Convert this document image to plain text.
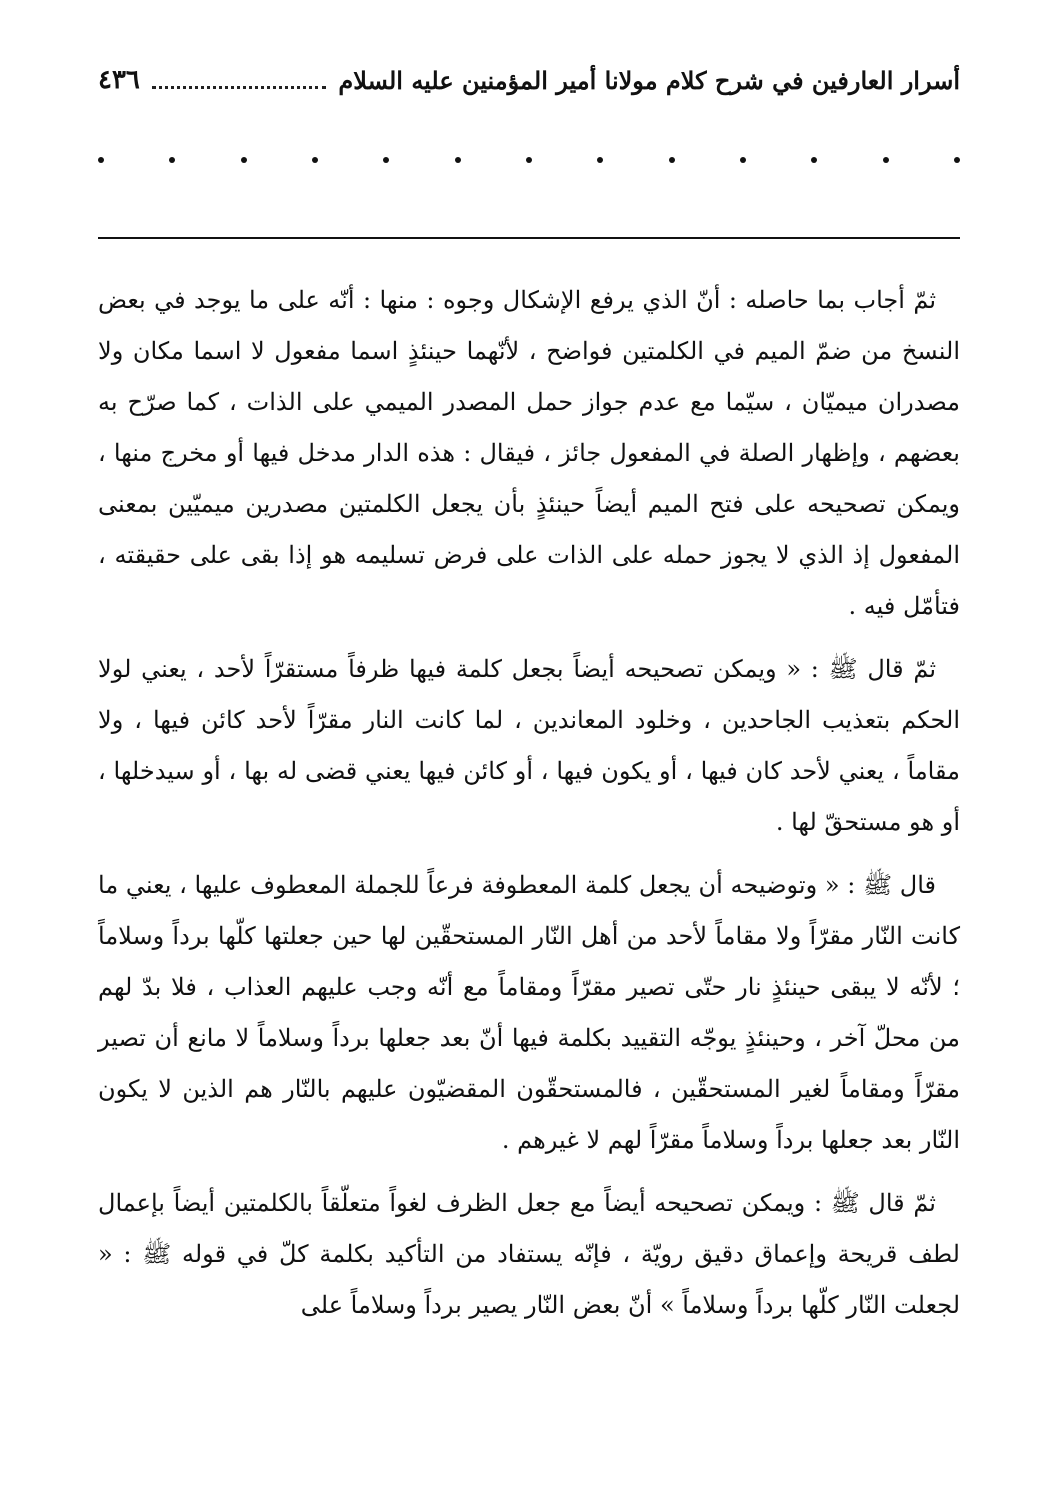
٤٣٦	أسرار العارفين في شرح كلام مولانا أمير المؤمنين عليه السلام

ثمّ أجاب بما حاصله : أنّ الذي يرفع الإشكال وجوه : منها : أنّه على ما يوجد في بعض النسخ من ضمّ الميم في الكلمتين فواضح ، لأنّهما حينئذٍ اسما مفعول لا اسما مكان ولا مصدران ميميّان ، سيّما مع عدم جواز حمل المصدر الميمي على الذات ، كما صرّح به بعضهم ، وإظهار الصلة في المفعول جائز ، فيقال : هذه الدار مدخل فيها أو مخرج منها ، ويمكن تصحيحه على فتح الميم أيضاً حينئذٍ بأن يجعل الكلمتين مصدرين ميميّين بمعنى المفعول إذ الذي لا يجوز حمله على الذات على فرض تسليمه هو إذا بقى على حقيقته ، فتأمّل فيه .

ثمّ قال ﷺ : « ويمكن تصحيحه أيضاً بجعل كلمة فيها ظرفاً مستقرّاً لأحد ، يعني لولا الحكم بتعذيب الجاحدين ، وخلود المعاندين ، لما كانت النار مقرّاً لأحد كائن فيها ، ولا مقاماً ، يعني لأحد كان فيها ، أو يكون فيها ، أو كائن فيها يعني قضى له بها ، أو سيدخلها ، أو هو مستحقّ لها .

قال ﷺ : « وتوضيحه أن يجعل كلمة المعطوفة فرعاً للجملة المعطوف عليها ، يعني ما كانت النّار مقرّاً ولا مقاماً لأحد من أهل النّار المستحقّين لها حين جعلتها كلّها برداً وسلاماً ؛ لأنّه لا يبقى حينئذٍ نار حتّى تصير مقرّاً ومقاماً مع أنّه وجب عليهم العذاب ، فلا بدّ لهم من محلّ آخر ، وحينئذٍ يوجّه التقييد بكلمة فيها أنّ بعد جعلها برداً وسلاماً لا مانع أن تصير مقرّاً ومقاماً لغير المستحقّين ، فالمستحقّون المقضيّون عليهم بالنّار هم الذين لا يكون النّار بعد جعلها برداً وسلاماً مقرّاً لهم لا غيرهم .

ثمّ قال ﷺ : ويمكن تصحيحه أيضاً مع جعل الظرف لغواً متعلّقاً بالكلمتين أيضاً بإعمال لطف قريحة وإعماق دقيق رويّة ، فإنّه يستفاد من التأكيد بكلمة كلّ في قوله ﷺ : « لجعلت النّار كلّها برداً وسلاماً » أنّ بعض النّار يصير برداً وسلاماً على
